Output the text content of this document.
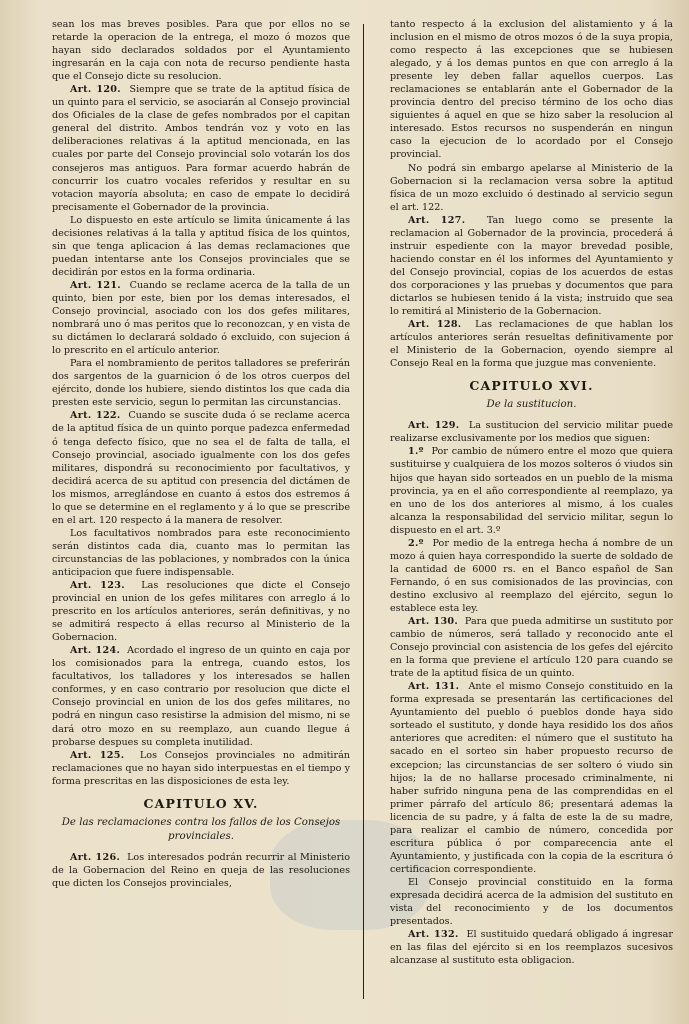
sean los mas breves posibles. Para que por ellos no se retarde la operacion de la entrega, el mozo ó mozos que hayan sido declarados soldados por el Ayuntamiento ingresarán en la caja con nota de recurso pendiente hasta que el Consejo dicte su resolucion.

Art. 120. Siempre que se trate de la aptitud física de un quinto para el servicio, se asociarán al Consejo provincial dos Oficiales de la clase de gefes nombrados por el capitan general del distrito. Ambos tendrán voz y voto en las deliberaciones relativas á la aptitud mencionada, en las cuales por parte del Consejo provincial solo votarán los dos consejeros mas antiguos. Para formar acuerdo habrán de concurrir los cuatro vocales referidos y resultar en su votacion mayoría absoluta; en caso de empate lo decidirá precisamente el Gobernador de la provincia.

Lo dispuesto en este artículo se limita únicamente á las decisiones relativas á la talla y aptitud física de los quintos, sin que tenga aplicacion á las demas reclamaciones que puedan intentarse ante los Consejos provinciales que se decidirán por estos en la forma ordinaria.

Art. 121. Cuando se reclame acerca de la talla de un quinto, bien por este, bien por los demas interesados, el Consejo provincial, asociado con los dos gefes militares, nombrará uno ó mas peritos que lo reconozcan, y en vista de su dictámen lo declarará soldado ó excluido, con sujecion á lo prescrito en el artículo anterior.

Para el nombramiento de peritos talladores se preferirán dos sargentos de la guarnicion ó de los otros cuerpos del ejército, donde los hubiere, siendo distintos los que cada dia presten este servicio, segun lo permitan las circunstancias.

Art. 122. Cuando se suscite duda ó se reclame acerca de la aptitud física de un quinto porque padezca enfermedad ó tenga defecto físico, que no sea el de falta de talla, el Consejo provincial, asociado igualmente con los dos gefes militares, dispondrá su reconocimiento por facultativos, y decidirá acerca de su aptitud con presencia del dictámen de los mismos, arreglándose en cuanto á estos dos estremos á lo que se determine en el reglamento y á lo que se prescribe en el art. 120 respecto á la manera de resolver.

Los facultativos nombrados para este reconocimiento serán distintos cada dia, cuanto mas lo permitan las circunstancias de las poblaciones, y nombrados con la única anticipacion que fuere indispensable.

Art. 123. Las resoluciones que dicte el Consejo provincial en union de los gefes militares con arreglo á lo prescrito en los artículos anteriores, serán definitivas, y no se admitirá respecto á ellas recurso al Ministerio de la Gobernacion.

Art. 124. Acordado el ingreso de un quinto en caja por los comisionados para la entrega, cuando estos, los facultativos, los talladores y los interesados se hallen conformes, y en caso contrario por resolucion que dicte el Consejo provincial en union de los dos gefes militares, no podrá en ningun caso resistirse la admision del mismo, ni se dará otro mozo en su reemplazo, aun cuando llegue á probarse despues su completa inutilidad.

Art. 125. Los Consejos provinciales no admitirán reclamaciones que no hayan sido interpuestas en el tiempo y forma prescritas en las disposiciones de esta ley.

CAPITULO XV.
De las reclamaciones contra los fallos de los Consejos provinciales.

Art. 126. Los interesados podrán recurrir al Ministerio de la Gobernacion del Reino en queja de las resoluciones que dicten los Consejos provinciales,

tanto respecto á la exclusion del alistamiento y á la inclusion en el mismo de otros mozos ó de la suya propia, como respecto á las excepciones que se hubiesen alegado, y á los demas puntos en que con arreglo á la presente ley deben fallar aquellos cuerpos. Las reclamaciones se entablarán ante el Gobernador de la provincia dentro del preciso término de los ocho dias siguientes á aquel en que se hizo saber la resolucion al interesado. Estos recursos no suspenderán en ningun caso la ejecucion de lo acordado por el Consejo provincial.

No podrá sin embargo apelarse al Ministerio de la Gobernacion si la reclamacion versa sobre la aptitud física de un mozo excluido ó destinado al servicio segun el art. 122.

Art. 127. Tan luego como se presente la reclamacion al Gobernador de la provincia, procederá á instruir espediente con la mayor brevedad posible, haciendo constar en él los informes del Ayuntamiento y del Consejo provincial, copias de los acuerdos de estas dos corporaciones y las pruebas y documentos que para dictarlos se hubiesen tenido á la vista; instruido que sea lo remitirá al Ministerio de la Gobernacion.

Art. 128. Las reclamaciones de que hablan los artículos anteriores serán resueltas definitivamente por el Ministerio de la Gobernacion, oyendo siempre al Consejo Real en la forma que juzgue mas conveniente.

CAPITULO XVI.
De la sustitucion.

Art. 129. La sustitucion del servicio militar puede realizarse exclusivamente por los medios que siguen:

1.º Por cambio de número entre el mozo que quiera sustituirse y cualquiera de los mozos solteros ó viudos sin hijos que hayan sido sorteados en un pueblo de la misma provincia, ya en el año correspondiente al reemplazo, ya en uno de los dos anteriores al mismo, á los cuales alcanza la responsabilidad del servicio militar, segun lo dispuesto en el art. 3.º

2.º Por medio de la entrega hecha á nombre de un mozo á quien haya correspondido la suerte de soldado de la cantidad de 6000 rs. en el Banco español de San Fernando, ó en sus comisionados de las provincias, con destino exclusivo al reemplazo del ejército, segun lo establece esta ley.

Art. 130. Para que pueda admitirse un sustituto por cambio de números, será tallado y reconocido ante el Consejo provincial con asistencia de los gefes del ejército en la forma que previene el artículo 120 para cuando se trate de la aptitud física de un quinto.

Art. 131. Ante el mismo Consejo constituido en la forma expresada se presentarán las certificaciones del Ayuntamiento del pueblo ó pueblos donde haya sido sorteado el sustituto, y donde haya residido los dos años anteriores que acrediten: el número que el sustituto ha sacado en el sorteo sin haber propuesto recurso de excepcion; las circunstancias de ser soltero ó viudo sin hijos; la de no hallarse procesado criminalmente, ni haber sufrido ninguna pena de las comprendidas en el primer párrafo del artículo 86; presentará ademas la licencia de su padre, y á falta de este la de su madre, para realizar el cambio de número, concedida por escritura pública ó por comparecencia ante el Ayuntamiento, y justificada con la copia de la escritura ó certificacion correspondiente.

El Consejo provincial constituido en la forma expresada decidirá acerca de la admision del sustituto en vista del reconocimiento y de los documentos presentados.

Art. 132. El sustituido quedará obligado á ingresar en las filas del ejército si en los reemplazos sucesivos alcanzase al sustituto esta obligacion.
